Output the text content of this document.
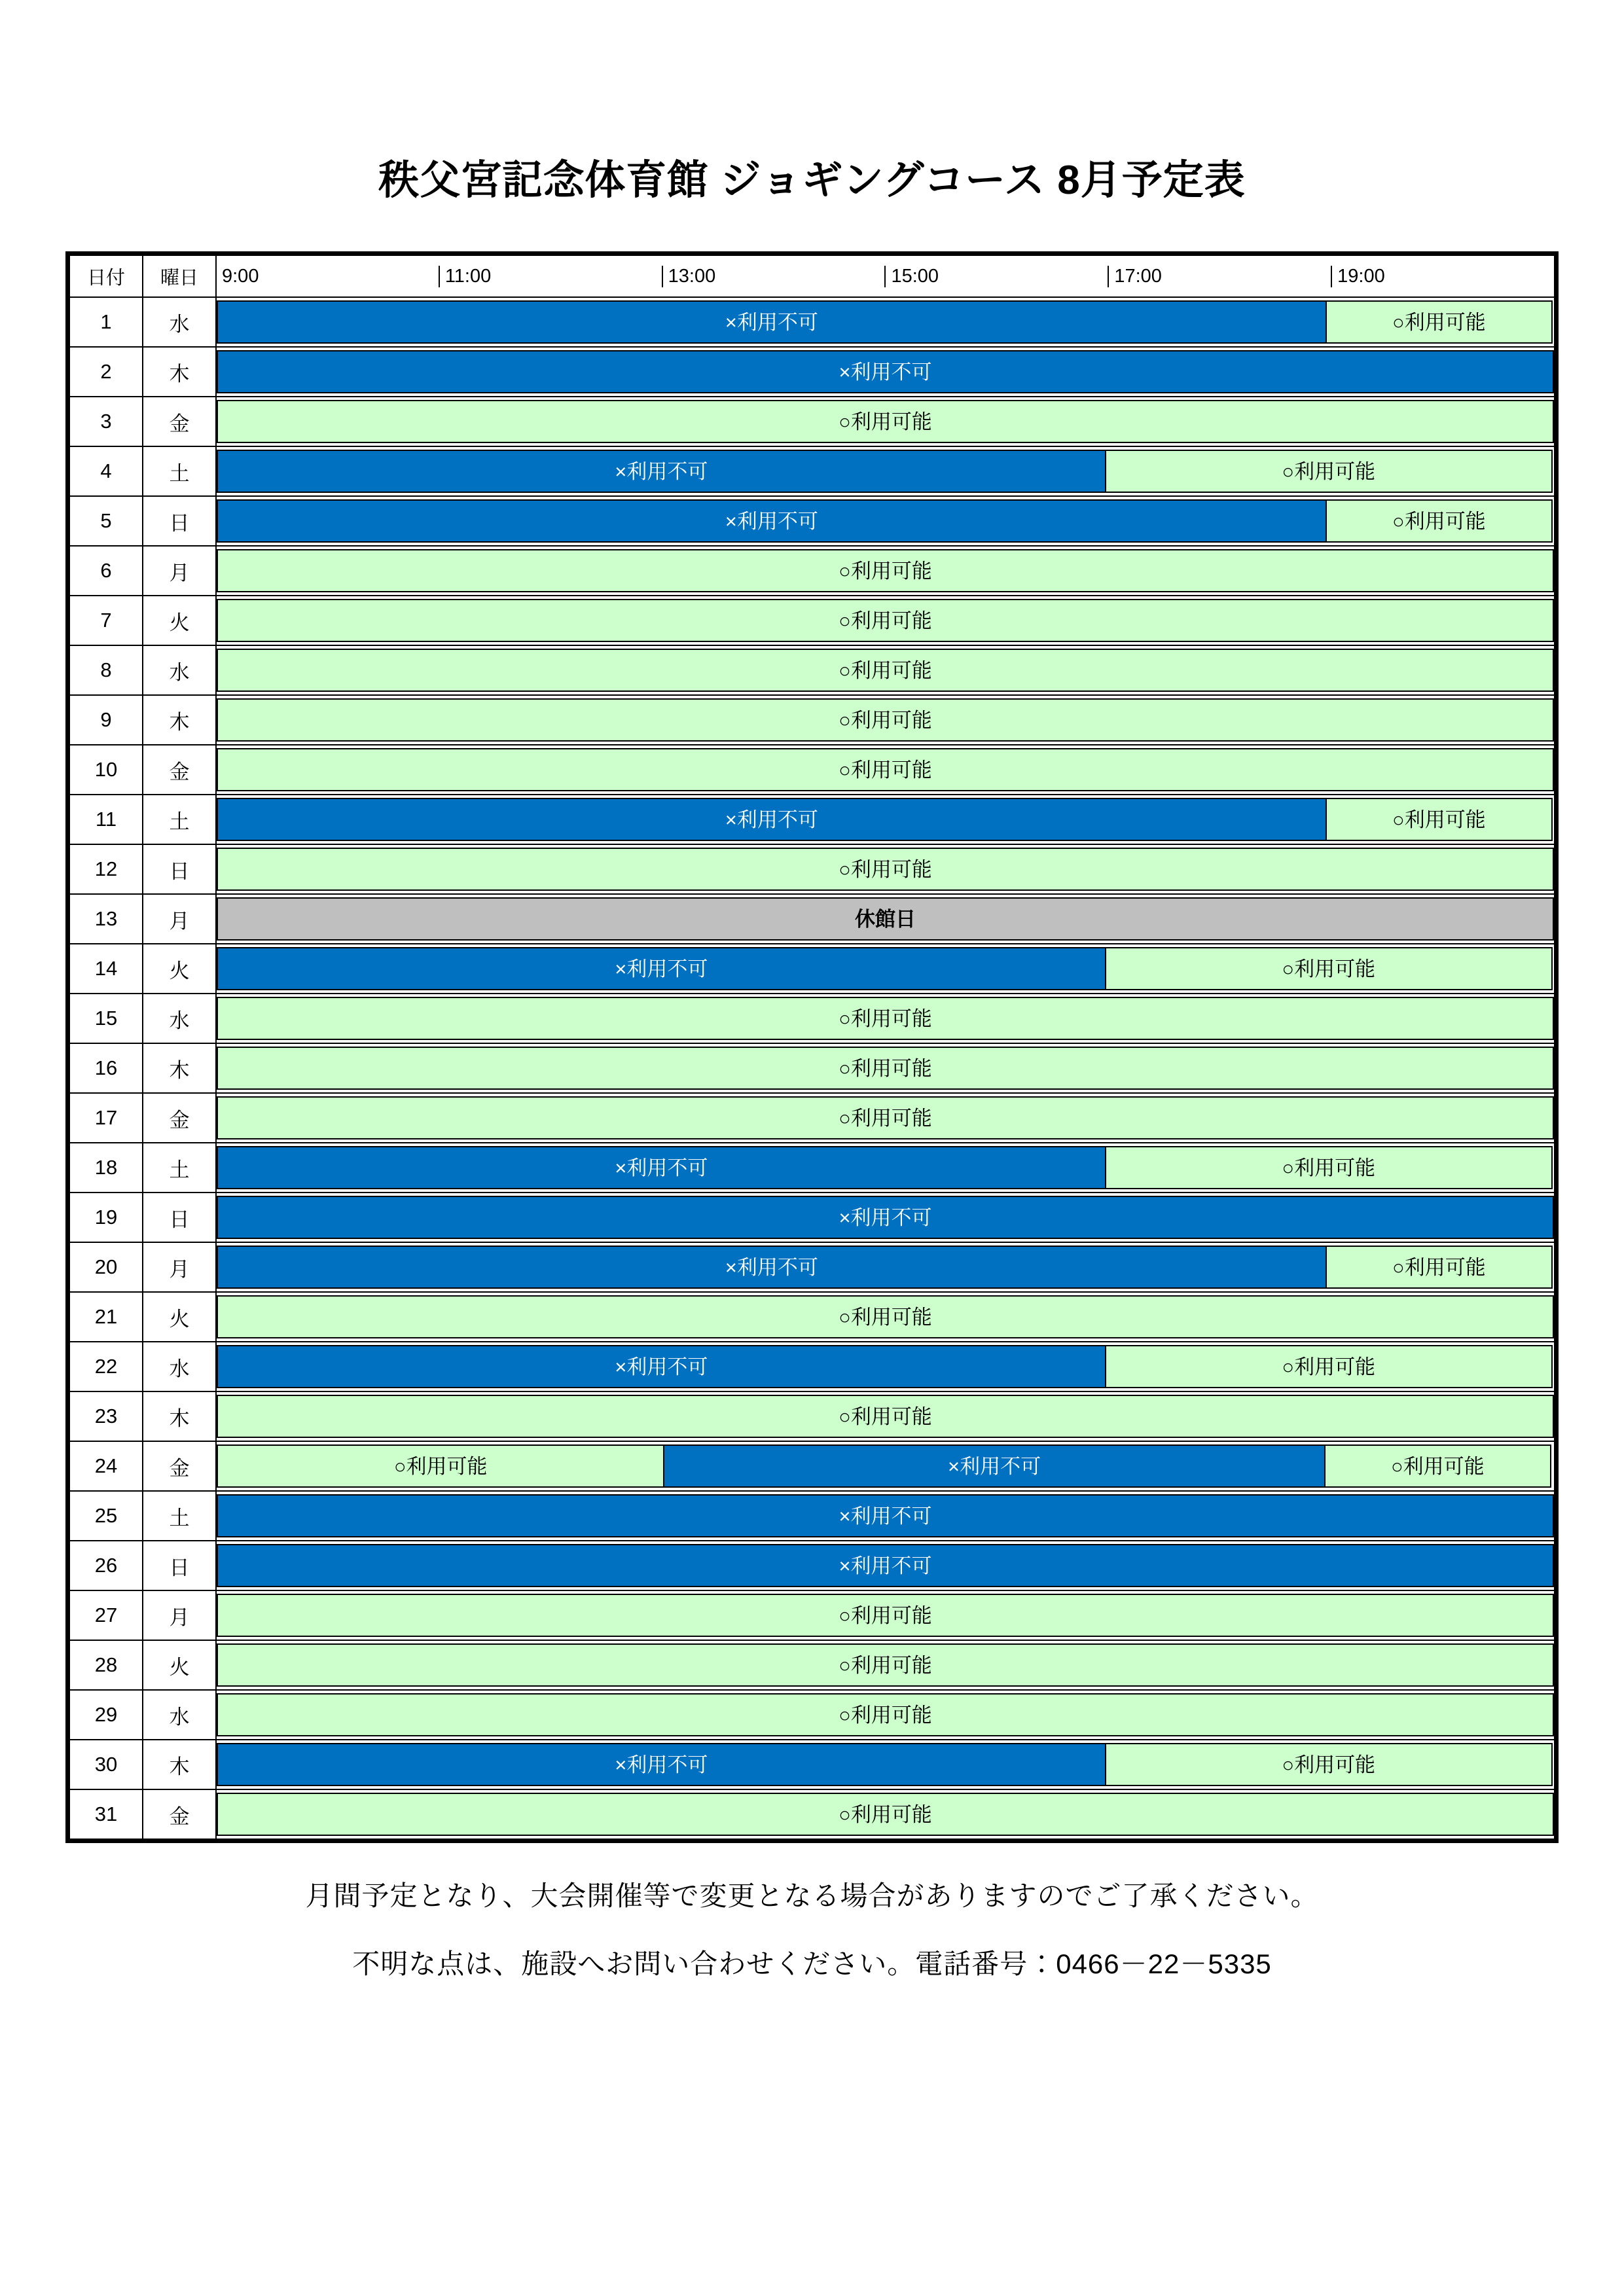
秩父宮記念体育館 ジョギングコース 8月予定表
日付	曜日	9:00	11:00	13:00	15:00	17:00	19:00

1	水	×利用不可 ○利用可能

2	木	×利用不可

3	金	○利用可能

4	土	×利用不可 ○利用可能

5	日	×利用不可 ○利用可能

6	月	○利用可能

7	火	○利用可能

8	水	○利用可能

9	木	○利用可能

10	金	○利用可能

11	土	×利用不可 ○利用可能

12	日	○利用可能

13	月	休館日

14	火	×利用不可 ○利用可能

15	水	○利用可能

16	木	○利用可能

17	金	○利用可能

18	土	×利用不可 ○利用可能

19	日	×利用不可

20	月	×利用不可 ○利用可能

21	火	○利用可能

22	水	×利用不可 ○利用可能

23	木	○利用可能

24	金	○利用可能 ×利用不可 ○利用可能

25	土	×利用不可

26	日	×利用不可

27	月	○利用可能

28	火	○利用可能

29	水	○利用可能

30	木	×利用不可 ○利用可能

31	金	○利用可能

月間予定となり、大会開催等で変更となる場合がありますのでご了承ください。

不明な点は、施設へお問い合わせください。電話番号：0466－22－5335
